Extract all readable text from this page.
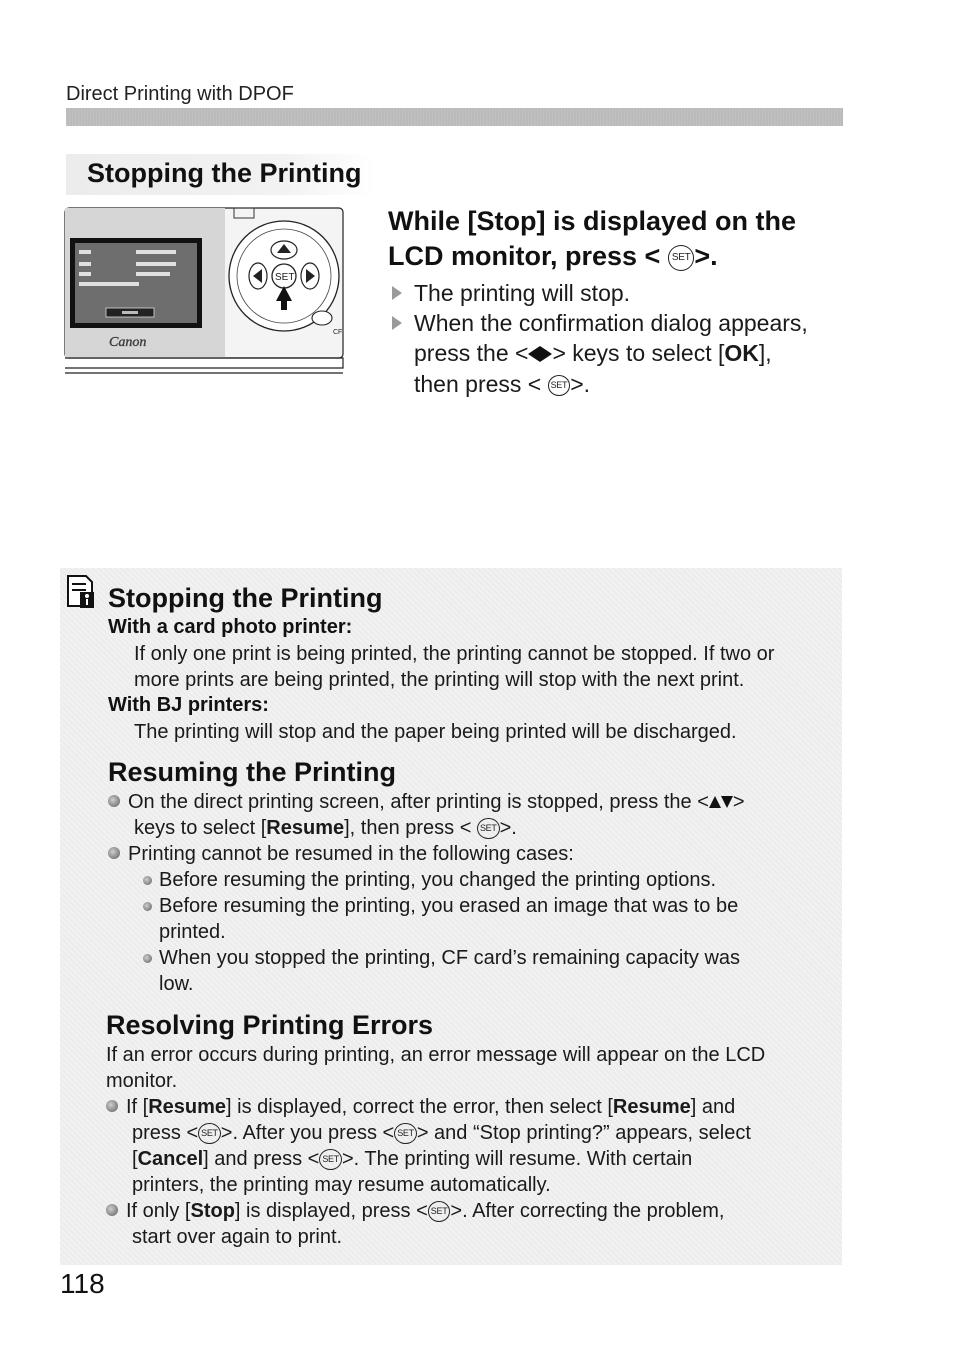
Direct Printing with DPOF
Stopping the Printing
Canon
CF
SET
While [Stop] is displayed on the
LCD monitor, press < SET >.
The printing will stop.
When the confirmation dialog appears,
press the < > keys to select [OK],
then press < SET >.
Stopping the Printing
With a card photo printer:
If only one print is being printed, the printing cannot be stopped. If two or
more prints are being printed, the printing will stop with the next print.
With BJ printers:
The printing will stop and the paper being printed will be discharged.
Resuming the Printing
On the direct printing screen, after printing is stopped, press the < >
keys to select [Resume], then press < SET >.
Printing cannot be resumed in the following cases:
Before resuming the printing, you changed the printing options.
Before resuming the printing, you erased an image that was to be
printed.
When you stopped the printing, CF card’s remaining capacity was
low.
Resolving Printing Errors
If an error occurs during printing, an error message will appear on the LCD
monitor.
If [Resume] is displayed, correct the error, then select [Resume] and
press < SET >. After you press < SET > and “Stop printing?” appears, select
[Cancel] and press < SET >. The printing will resume. With certain
printers, the printing may resume automatically.
If only [Stop] is displayed, press < SET >. After correcting the problem,
start over again to print.
118
